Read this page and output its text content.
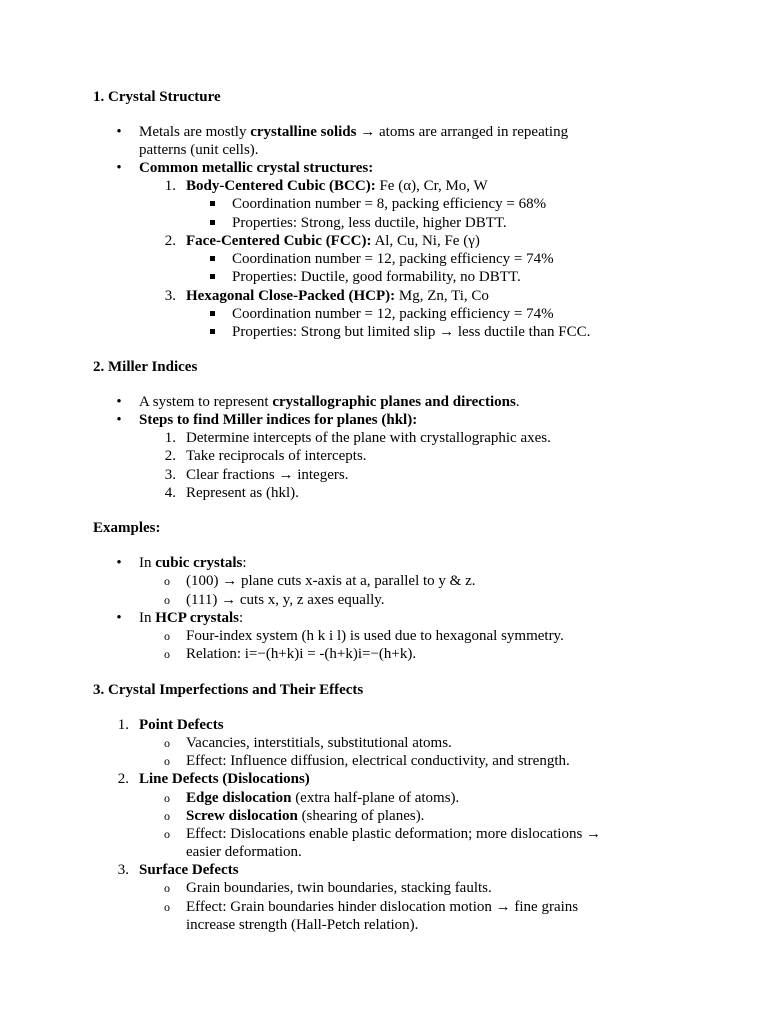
1. Crystal Structure
• Metals are mostly crystalline solids → atoms are arranged in repeating
patterns (unit cells).
• Common metallic crystal structures:
1. Body-Centered Cubic (BCC): Fe (α), Cr, Mo, W
Coordination number = 8, packing efficiency = 68%
Properties: Strong, less ductile, higher DBTT.
2. Face-Centered Cubic (FCC): Al, Cu, Ni, Fe (γ)
Coordination number = 12, packing efficiency = 74%
Properties: Ductile, good formability, no DBTT.
3. Hexagonal Close-Packed (HCP): Mg, Zn, Ti, Co
Coordination number = 12, packing efficiency = 74%
Properties: Strong but limited slip → less ductile than FCC.
2. Miller Indices
• A system to represent crystallographic planes and directions.
• Steps to find Miller indices for planes (hkl):
1. Determine intercepts of the plane with crystallographic axes.
2. Take reciprocals of intercepts.
3. Clear fractions → integers.
4. Represent as (hkl).
Examples:
• In cubic crystals:
o (100) → plane cuts x-axis at a, parallel to y & z.
o (111) → cuts x, y, z axes equally.
• In HCP crystals:
o Four-index system (h k i l) is used due to hexagonal symmetry.
o Relation: i=−(h+k)i = -(h+k)i=−(h+k).
3. Crystal Imperfections and Their Effects
1. Point Defects
o Vacancies, interstitials, substitutional atoms.
o Effect: Influence diffusion, electrical conductivity, and strength.
2. Line Defects (Dislocations)
o Edge dislocation (extra half-plane of atoms).
o Screw dislocation (shearing of planes).
o Effect: Dislocations enable plastic deformation; more dislocations →
easier deformation.
3. Surface Defects
o Grain boundaries, twin boundaries, stacking faults.
o Effect: Grain boundaries hinder dislocation motion → fine grains
increase strength (Hall-Petch relation).
